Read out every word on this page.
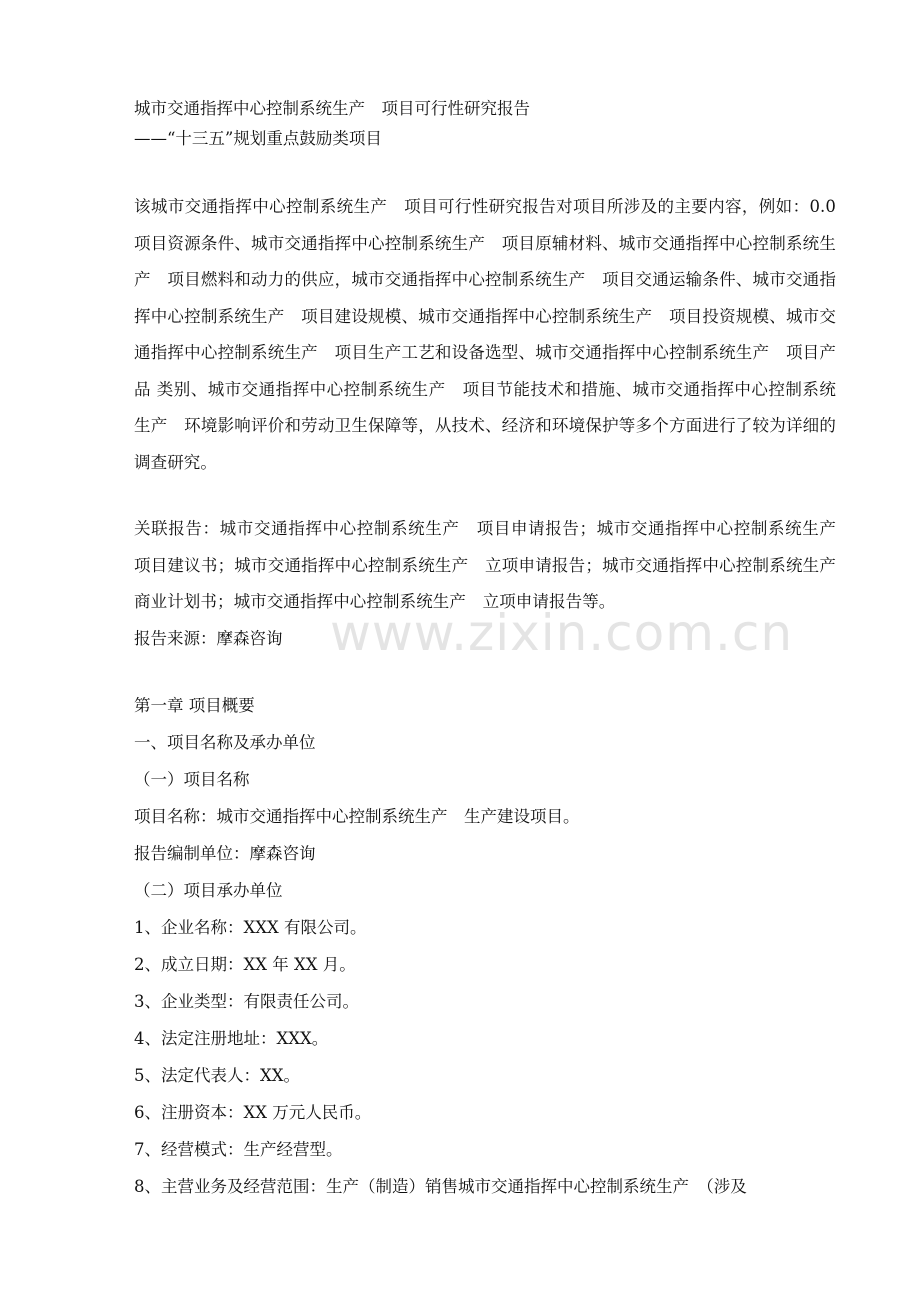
www.zixin.com.cn

城市交通指挥中心控制系统生产　项目可行性研究报告

——“十三五”规划重点鼓励类项目

该城市交通指挥中心控制系统生产　项目可行性研究报告对项目所涉及的主要内容，例如：0.0 项目资源条件、城市交通指挥中心控制系统生产　项目原辅材料、城市交通指挥中心控制系统生产　项目燃料和动力的供应，城市交通指挥中心控制系统生产　项目交通运输条件、城市交通指挥中心控制系统生产　项目建设规模、城市交通指挥中心控制系统生产　项目投资规模、城市交通指挥中心控制系统生产　项目生产工艺和设备选型、城市交通指挥中心控制系统生产　项目产品 类别、城市交通指挥中心控制系统生产　项目节能技术和措施、城市交通指挥中心控制系统生产　环境影响评价和劳动卫生保障等，从技术、经济和环境保护等多个方面进行了较为详细的调查研究。

关联报告：城市交通指挥中心控制系统生产　项目申请报告；城市交通指挥中心控制系统生产　项目建议书；城市交通指挥中心控制系统生产　立项申请报告；城市交通指挥中心控制系统生产　商业计划书；城市交通指挥中心控制系统生产　立项申请报告等。

报告来源：摩森咨询

第一章 项目概要

一、项目名称及承办单位

（一）项目名称

项目名称：城市交通指挥中心控制系统生产　生产建设项目。

报告编制单位：摩森咨询

（二）项目承办单位

1、企业名称：XXX 有限公司。

2、成立日期：XX 年 XX 月。

3、企业类型：有限责任公司。

4、法定注册地址：XXX。

5、法定代表人：XX。

6、注册资本：XX 万元人民币。

7、经营模式：生产经营型。

8、主营业务及经营范围：生产（制造）销售城市交通指挥中心控制系统生产　（涉及
